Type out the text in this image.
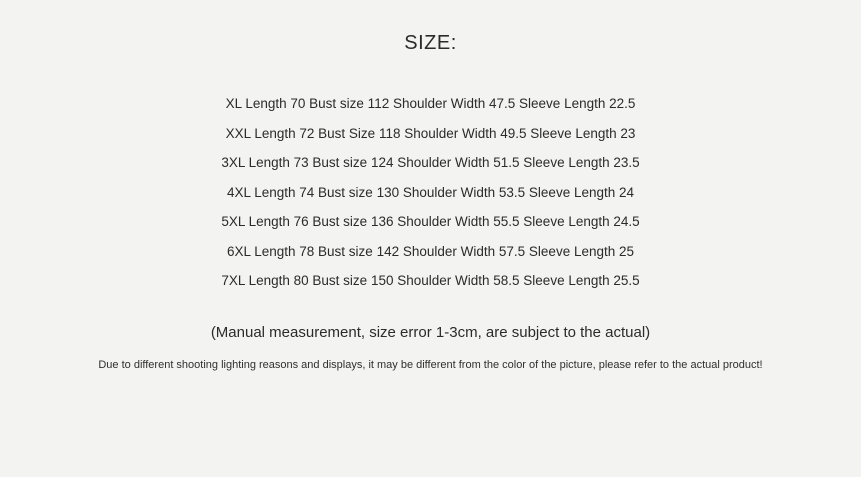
SIZE:
XL Length 70 Bust size 112 Shoulder Width 47.5 Sleeve Length 22.5
XXL Length 72 Bust Size 118 Shoulder Width 49.5 Sleeve Length 23
3XL Length 73 Bust size 124 Shoulder Width 51.5 Sleeve Length 23.5
4XL Length 74 Bust size 130 Shoulder Width 53.5 Sleeve Length 24
5XL Length 76 Bust size 136 Shoulder Width 55.5 Sleeve Length 24.5
6XL Length 78 Bust size 142 Shoulder Width 57.5 Sleeve Length 25
7XL Length 80 Bust size 150 Shoulder Width 58.5 Sleeve Length 25.5
(Manual measurement, size error 1-3cm, are subject to the actual)
Due to different shooting lighting reasons and displays, it may be different from the color of the picture, please refer to the actual product!
